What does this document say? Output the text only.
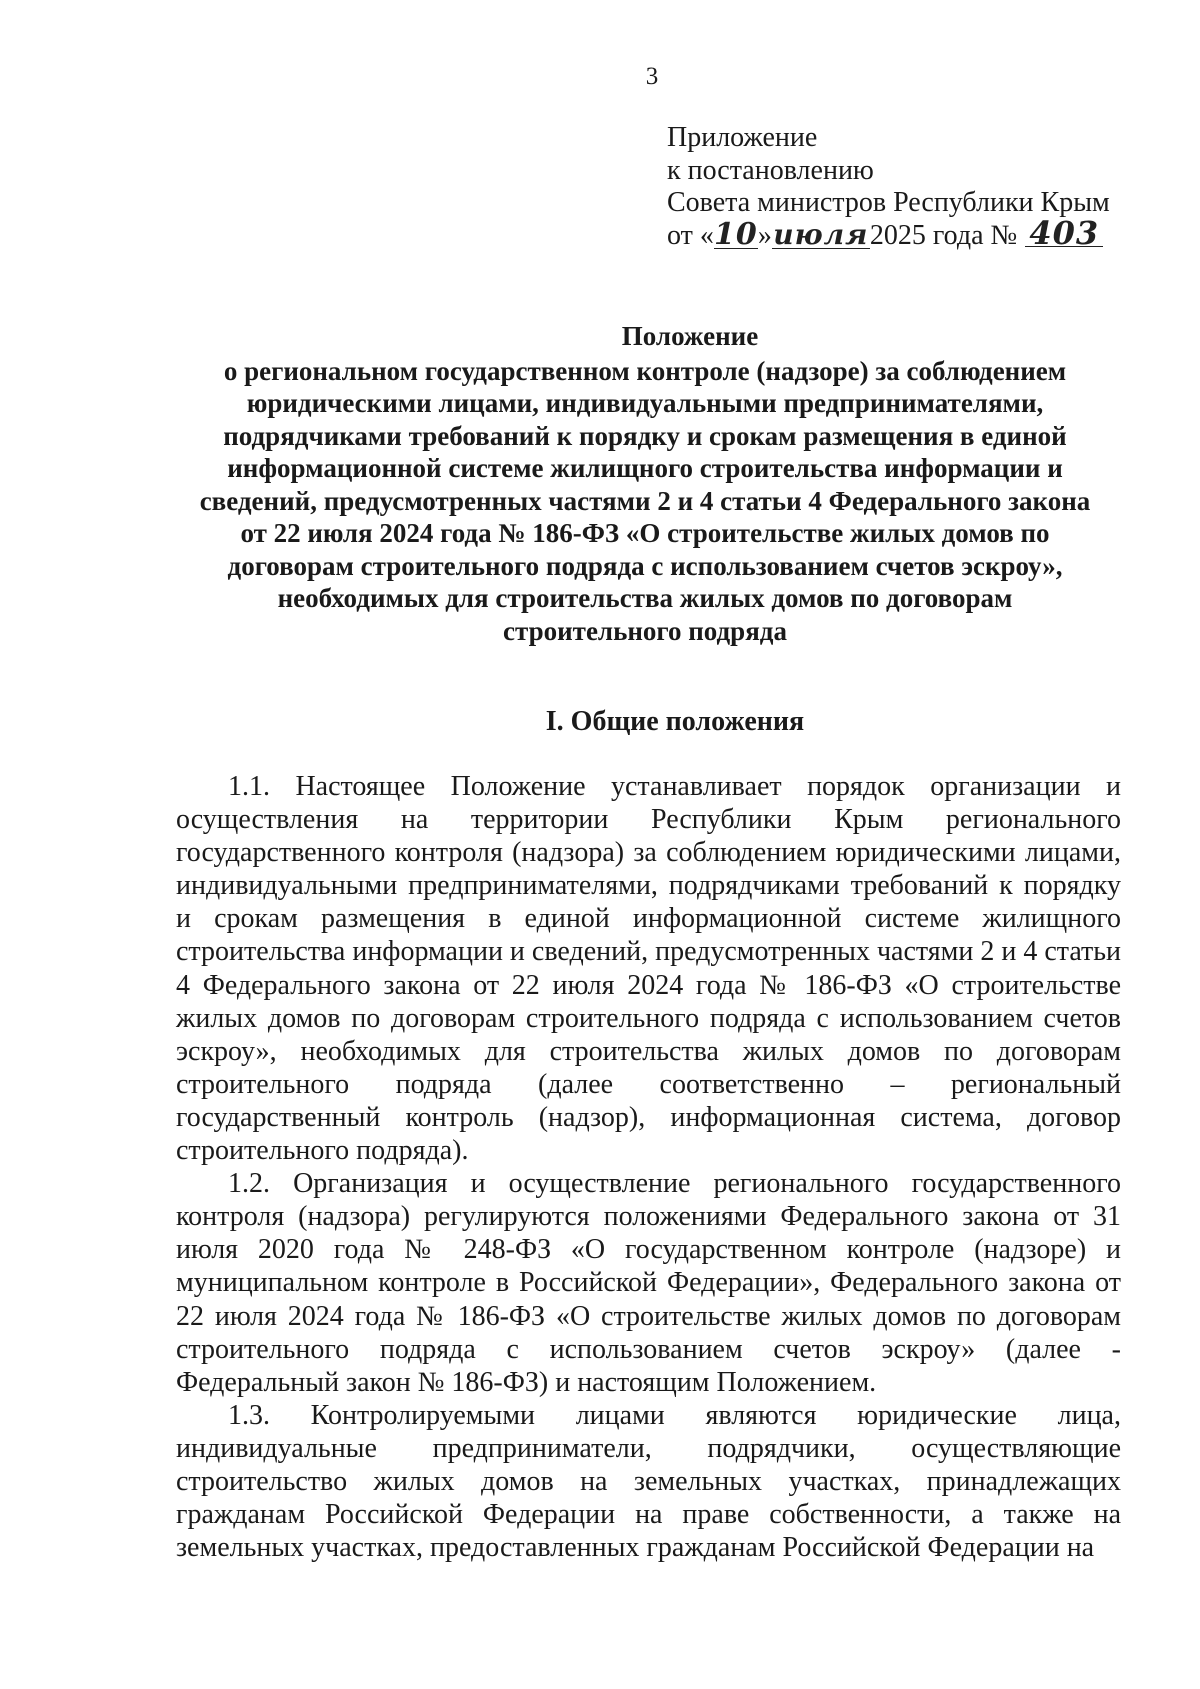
3
Приложение
к постановлению
Совета министров Республики Крым
от «10»июля2025 года № 403
Положение
о региональном государственном контроле (надзоре) за соблюдением
юридическими лицами, индивидуальными предпринимателями,
подрядчиками требований к порядку и срокам размещения в единой
информационной системе жилищного строительства информации и
сведений, предусмотренных частями 2 и 4 статьи 4 Федерального закона
от 22 июля 2024 года № 186-ФЗ «О строительстве жилых домов по
договорам строительного подряда с использованием счетов эскроу»,
необходимых для строительства жилых домов по договорам
строительного подряда
I. Общие положения

1.1. Настоящее Положение устанавливает порядок организации и осуществления на территории Республики Крым регионального государственного контроля (надзора) за соблюдением юридическими лицами, индивидуальными предпринимателями, подрядчиками требований к порядку и срокам размещения в единой информационной системе жилищного строительства информации и сведений, предусмотренных частями 2 и 4 статьи 4 Федерального закона от 22 июля 2024 года № 186-ФЗ «О строительстве жилых домов по договорам строительного подряда с использованием счетов эскроу», необходимых для строительства жилых домов по договорам строительного подряда (далее соответственно – региональный государственный контроль (надзор), информационная система, договор строительного подряда).

1.2. Организация и осуществление регионального государственного контроля (надзора) регулируются положениями Федерального закона от 31 июля 2020 года № 248-ФЗ «О государственном контроле (надзоре) и муниципальном контроле в Российской Федерации», Федерального закона от 22 июля 2024 года № 186-ФЗ «О строительстве жилых домов по договорам строительного подряда с использованием счетов эскроу» (далее - Федеральный закон № 186-ФЗ) и настоящим Положением.

1.3. Контролируемыми лицами являются юридические лица, индивидуальные предприниматели, подрядчики, осуществляющие строительство жилых домов на земельных участках, принадлежащих гражданам Российской Федерации на праве собственности, а также на земельных участках, предоставленных гражданам Российской Федерации на
